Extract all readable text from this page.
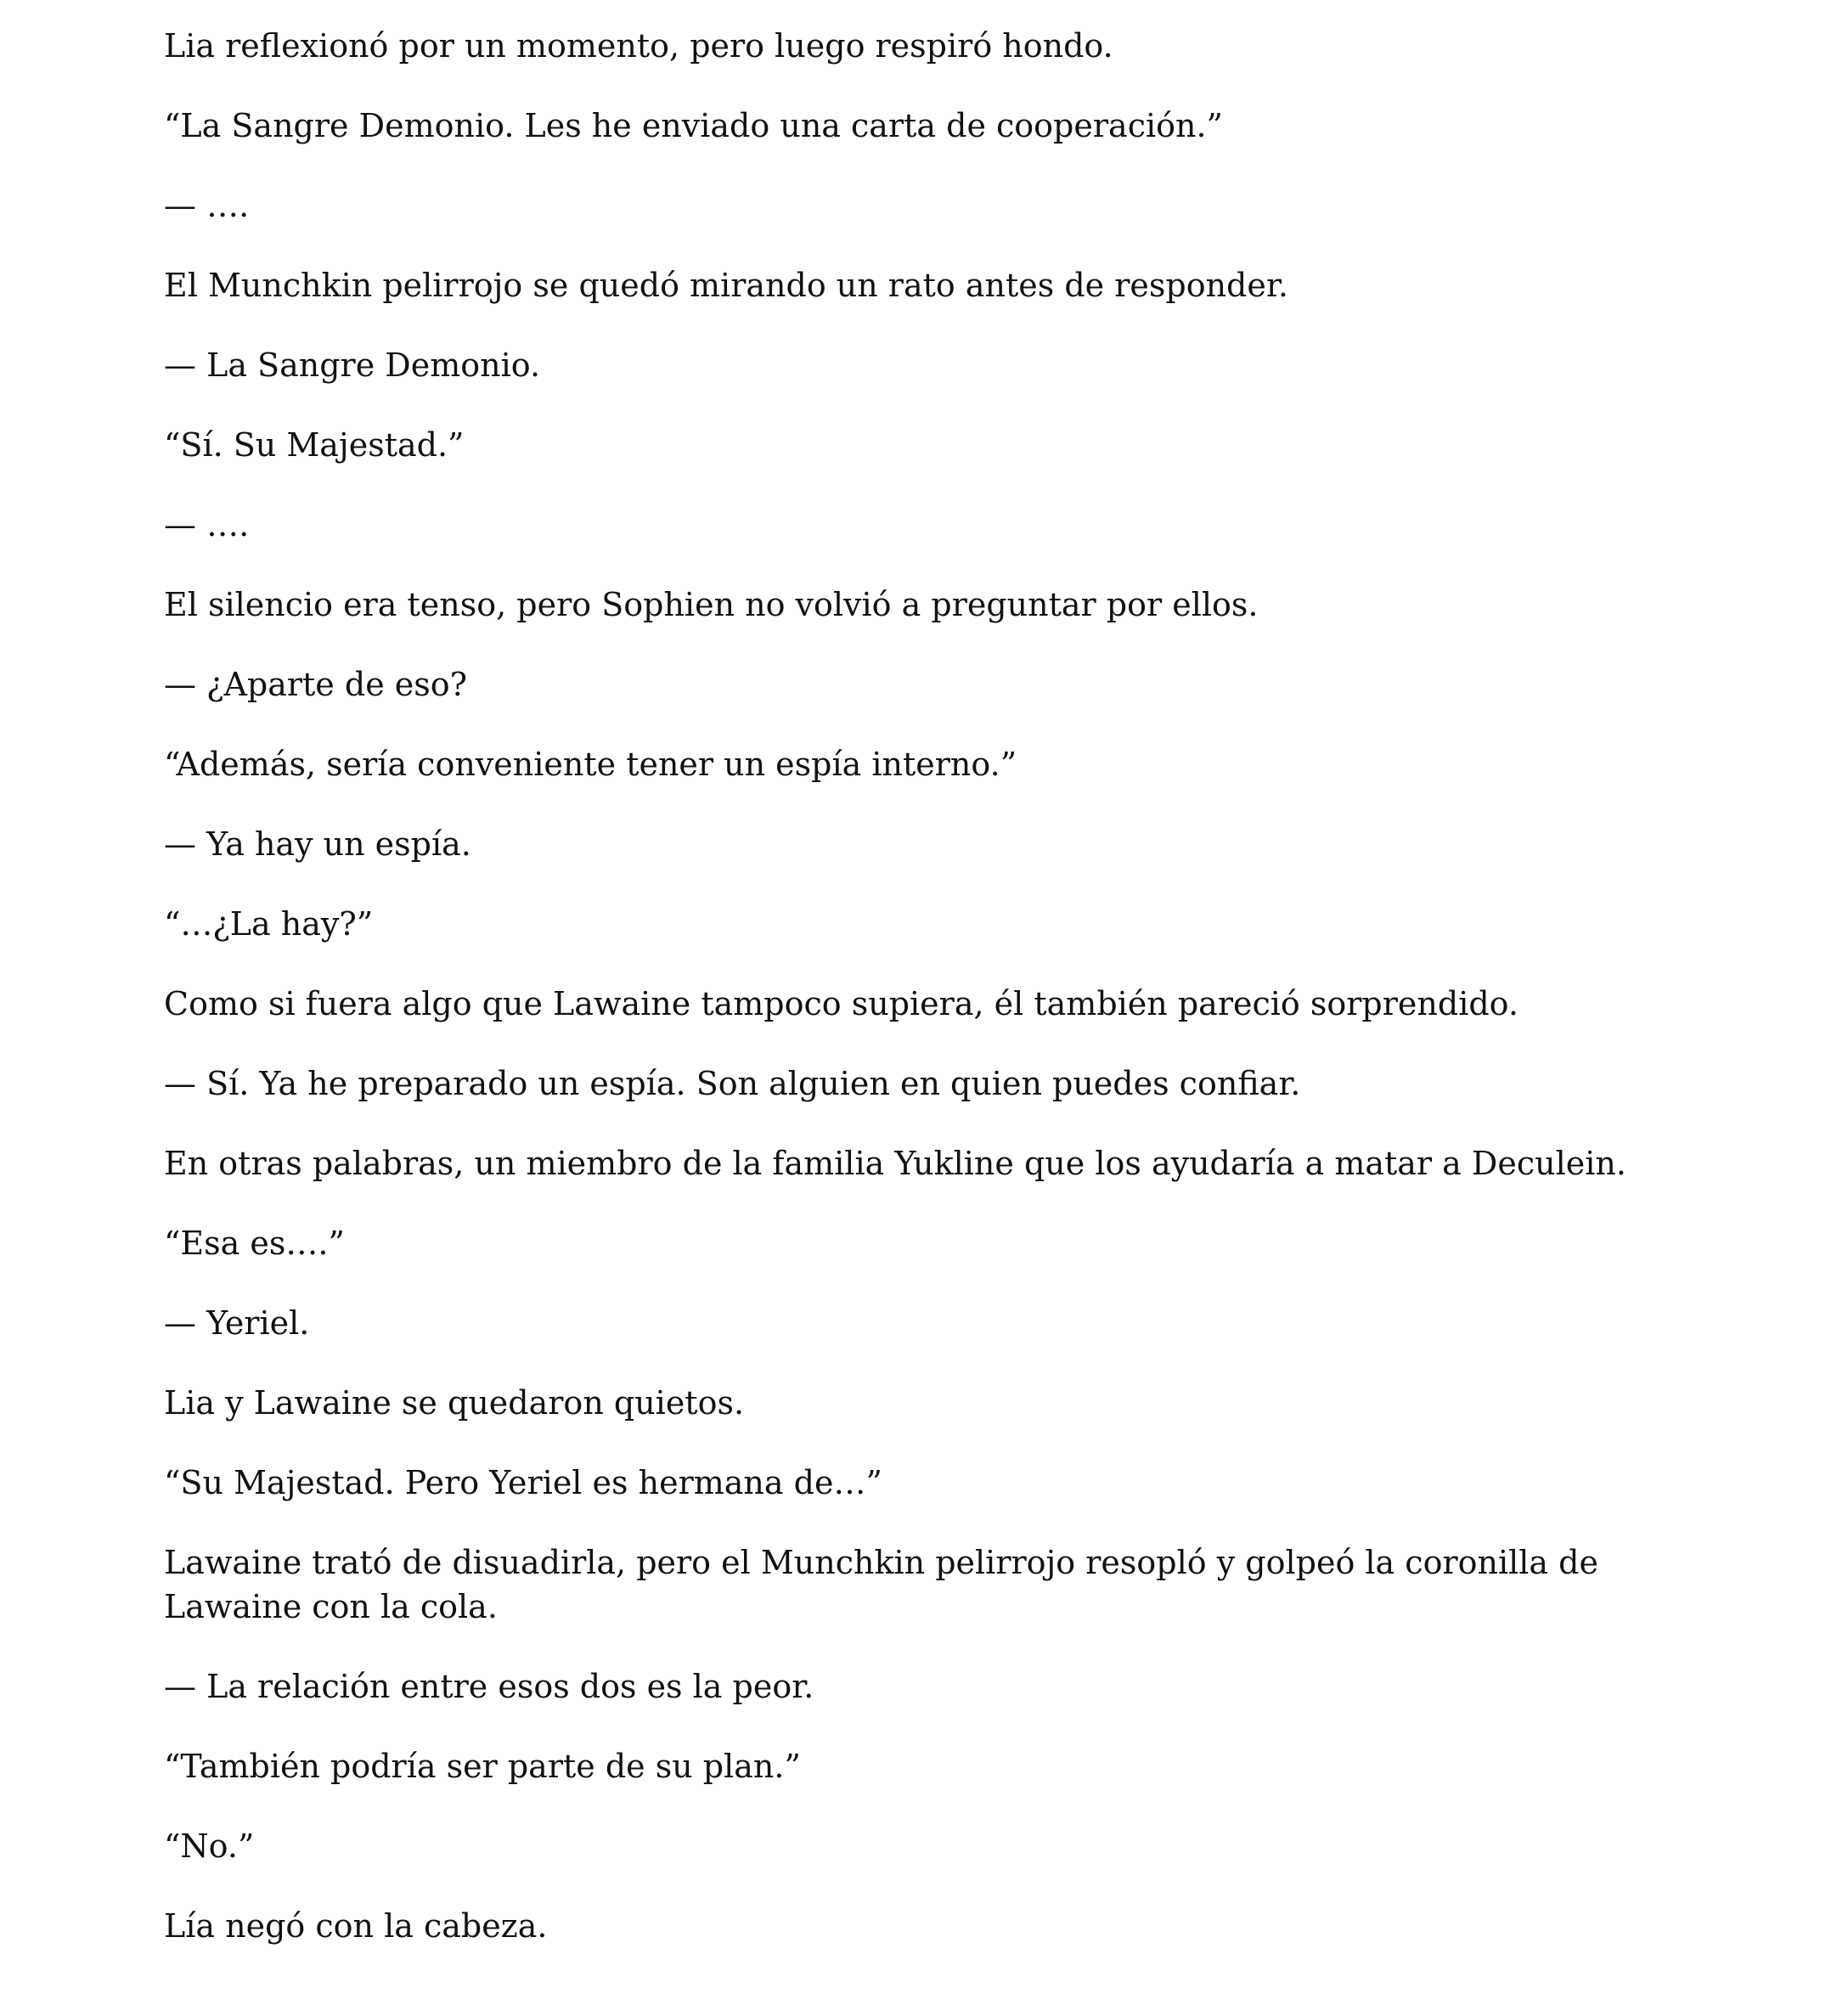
Lia reflexionó por un momento, pero luego respiró hondo.

“La Sangre Demonio. Les he enviado una carta de cooperación.”

— ….

El Munchkin pelirrojo se quedó mirando un rato antes de responder.

— La Sangre Demonio.

“Sí. Su Majestad.”

— ….

El silencio era tenso, pero Sophien no volvió a preguntar por ellos.

— ¿Aparte de eso?

“Además, sería conveniente tener un espía interno.”

— Ya hay un espía.

“…¿La hay?”

Como si fuera algo que Lawaine tampoco supiera, él también pareció sorprendido.

— Sí. Ya he preparado un espía. Son alguien en quien puedes confiar.

En otras palabras, un miembro de la familia Yukline que los ayudaría a matar a Deculein.

“Esa es….”

— Yeriel.

Lia y Lawaine se quedaron quietos.

“Su Majestad. Pero Yeriel es hermana de…”

Lawaine trató de disuadirla, pero el Munchkin pelirrojo resopló y golpeó la coronilla de Lawaine con la cola.

— La relación entre esos dos es la peor.

“También podría ser parte de su plan.”

“No.”

Lía negó con la cabeza.
